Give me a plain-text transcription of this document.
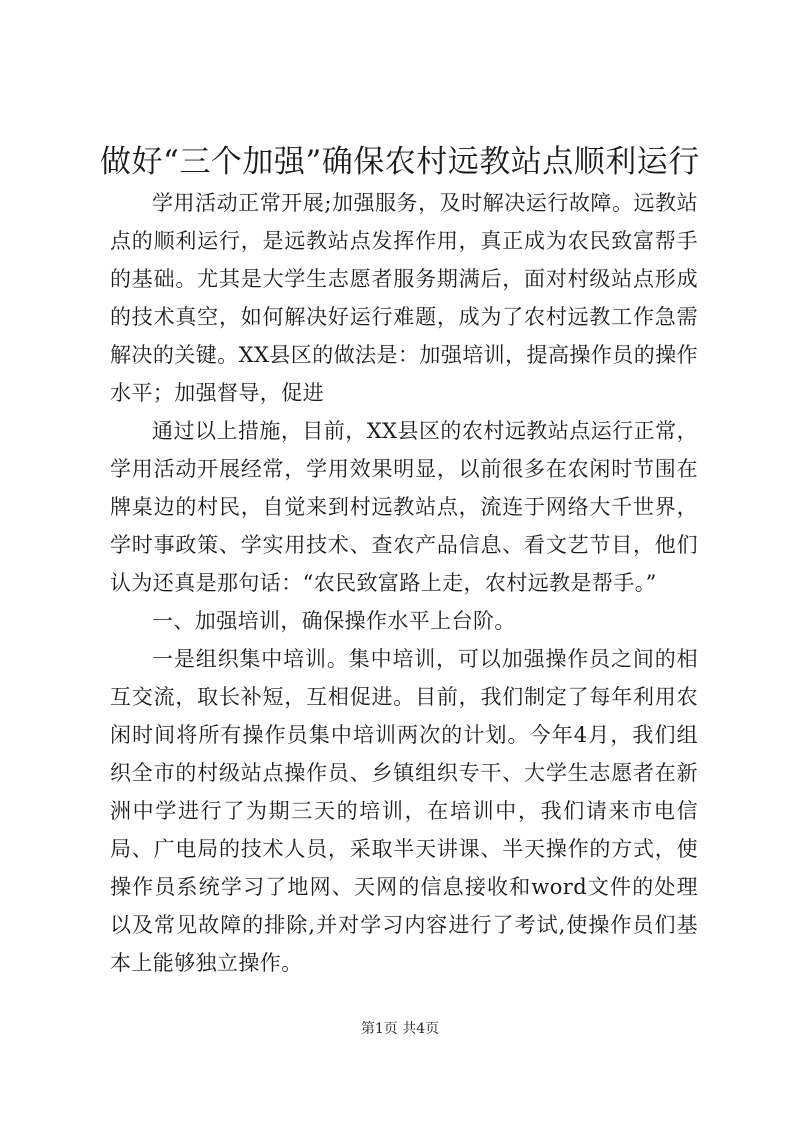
做好“三个加强”确保农村远教站点顺利运行

学用活动正常开展;加强服务，及时解决运行故障。远教站点的顺利运行，是远教站点发挥作用，真正成为农民致富帮手的基础。尤其是大学生志愿者服务期满后，面对村级站点形成的技术真空，如何解决好运行难题，成为了农村远教工作急需解决的关键。XX县区的做法是：加强培训，提高操作员的操作水平；加强督导，促进

通过以上措施，目前，XX县区的农村远教站点运行正常，学用活动开展经常，学用效果明显，以前很多在农闲时节围在牌桌边的村民，自觉来到村远教站点，流连于网络大千世界，学时事政策、学实用技术、查农产品信息、看文艺节目，他们认为还真是那句话：“农民致富路上走，农村远教是帮手。”

一、加强培训，确保操作水平上台阶。

一是组织集中培训。集中培训，可以加强操作员之间的相互交流，取长补短，互相促进。目前，我们制定了每年利用农闲时间将所有操作员集中培训两次的计划。今年4月，我们组织全市的村级站点操作员、乡镇组织专干、大学生志愿者在新洲中学进行了为期三天的培训，在培训中，我们请来市电信局、广电局的技术人员，采取半天讲课、半天操作的方式，使操作员系统学习了地网、天网的信息接收和word文件的处理以及常见故障的排除,并对学习内容进行了考试,使操作员们基本上能够独立操作。

第1页 共4页
